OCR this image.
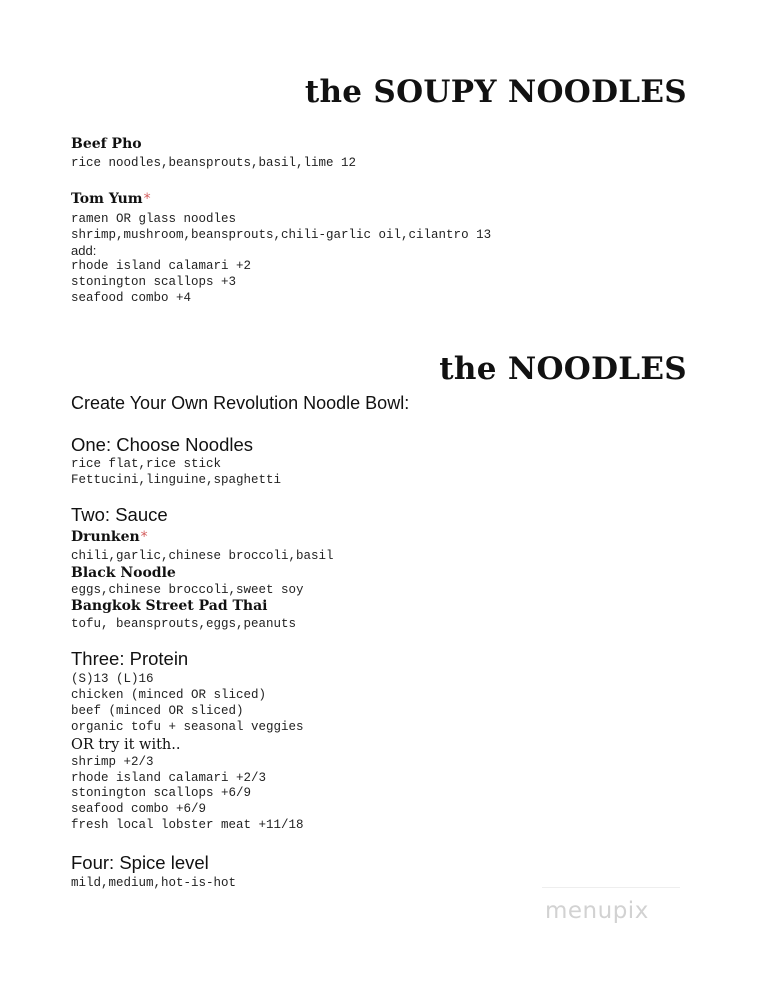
the SOUPY NOODLES
Beef Pho
rice noodles,beansprouts,basil,lime 12
Tom Yum*
ramen OR glass noodles
shrimp,mushroom,beansprouts,chili-garlic oil,cilantro 13
add:
rhode island calamari +2
stonington scallops +3
seafood combo +4
the NOODLES
Create Your Own Revolution Noodle Bowl:
One: Choose Noodles
rice flat,rice stick
Fettucini,linguine,spaghetti
Two: Sauce
Drunken*
chili,garlic,chinese broccoli,basil
Black Noodle
eggs,chinese broccoli,sweet soy
Bangkok Street Pad Thai
tofu, beansprouts,eggs,peanuts
Three: Protein
(S)13 (L)16
chicken (minced OR sliced)
beef (minced OR sliced)
organic tofu + seasonal veggies
OR try it with..
shrimp +2/3
rhode island calamari +2/3
stonington scallops +6/9
seafood combo +6/9
fresh local lobster meat +11/18
Four: Spice level
mild,medium,hot-is-hot
menupix
